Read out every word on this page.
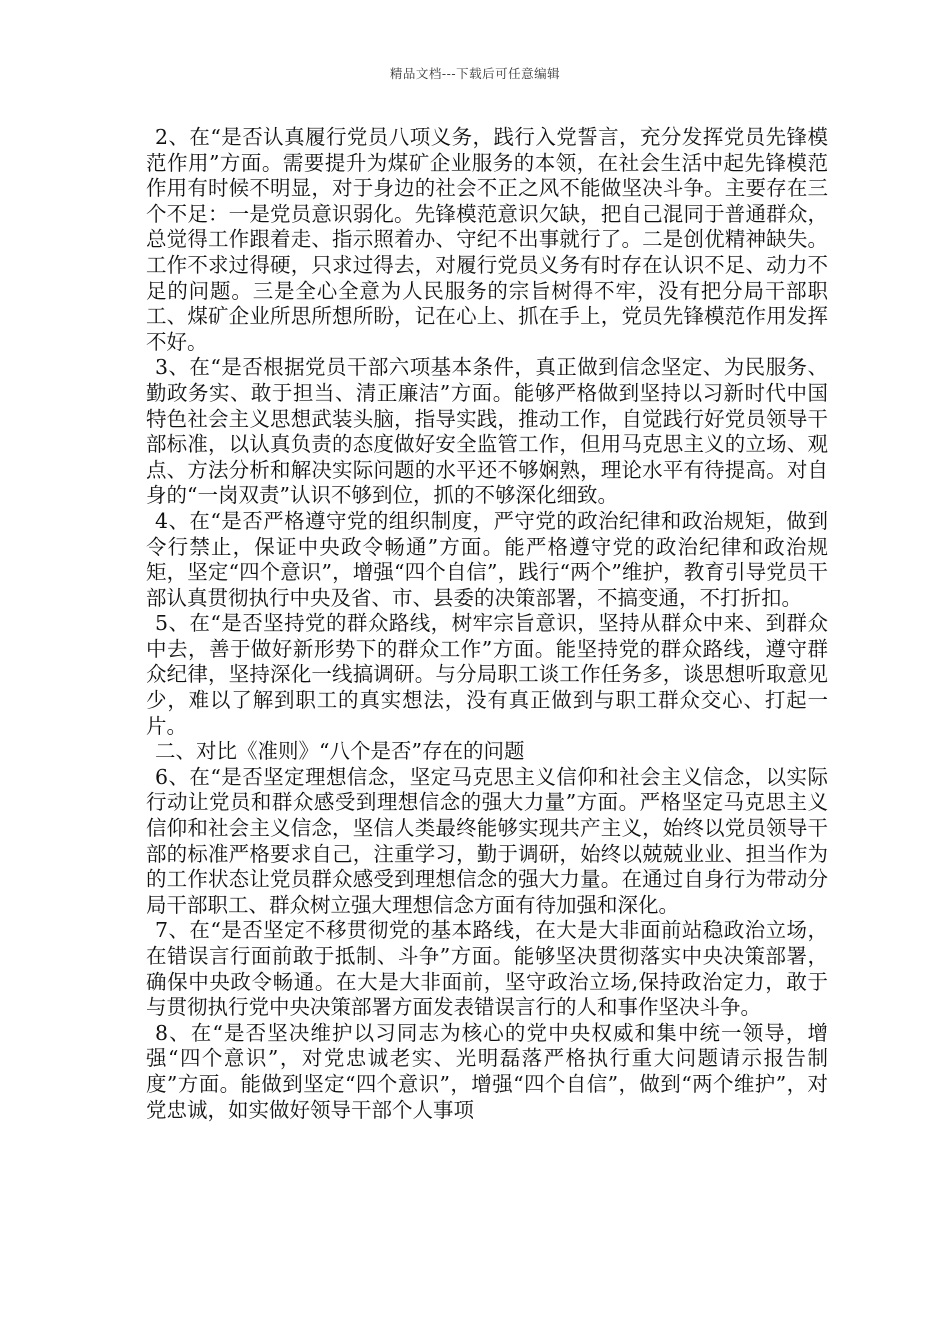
精品文档---下载后可任意编辑

2、在“是否认真履行党员八项义务，践行入党誓言，充分发挥党员先锋模范作用”方面。需要提升为煤矿企业服务的本领，在社会生活中起先锋模范作用有时候不明显，对于身边的社会不正之风不能做坚决斗争。主要存在三个不足：一是党员意识弱化。先锋模范意识欠缺，把自己混同于普通群众，总觉得工作跟着走、指示照着办、守纪不出事就行了。二是创优精神缺失。工作不求过得硬，只求过得去，对履行党员义务有时存在认识不足、动力不足的问题。三是全心全意为人民服务的宗旨树得不牢，没有把分局干部职工、煤矿企业所思所想所盼，记在心上、抓在手上，党员先锋模范作用发挥不好。

3、在“是否根据党员干部六项基本条件，真正做到信念坚定、为民服务、勤政务实、敢于担当、清正廉洁”方面。能够严格做到坚持以习新时代中国特色社会主义思想武装头脑，指导实践，推动工作，自觉践行好党员领导干部标准，以认真负责的态度做好安全监管工作，但用马克思主义的立场、观点、方法分析和解决实际问题的水平还不够娴熟，理论水平有待提高。对自身的“一岗双责”认识不够到位，抓的不够深化细致。

4、在“是否严格遵守党的组织制度，严守党的政治纪律和政治规矩，做到令行禁止，保证中央政令畅通”方面。能严格遵守党的政治纪律和政治规矩，坚定“四个意识”，增强“四个自信”，践行“两个”维护，教育引导党员干部认真贯彻执行中央及省、市、县委的决策部署，不搞变通，不打折扣。

5、在“是否坚持党的群众路线，树牢宗旨意识，坚持从群众中来、到群众中去，善于做好新形势下的群众工作”方面。能坚持党的群众路线，遵守群众纪律，坚持深化一线搞调研。与分局职工谈工作任务多，谈思想听取意见少，难以了解到职工的真实想法，没有真正做到与职工群众交心、打起一片。

二、对比《准则》“八个是否”存在的问题

6、在“是否坚定理想信念，坚定马克思主义信仰和社会主义信念，以实际行动让党员和群众感受到理想信念的强大力量”方面。严格坚定马克思主义信仰和社会主义信念，坚信人类最终能够实现共产主义，始终以党员领导干部的标准严格要求自己，注重学习，勤于调研，始终以兢兢业业、担当作为的工作状态让党员群众感受到理想信念的强大力量。在通过自身行为带动分局干部职工、群众树立强大理想信念方面有待加强和深化。

7、在“是否坚定不移贯彻党的基本路线，在大是大非面前站稳政治立场，在错误言行面前敢于抵制、斗争”方面。能够坚决贯彻落实中央决策部署，确保中央政令畅通。在大是大非面前，坚守政治立场,保持政治定力，敢于与贯彻执行党中央决策部署方面发表错误言行的人和事作坚决斗争。

8、在“是否坚决维护以习同志为核心的党中央权威和集中统一领导，增强“四个意识”，对党忠诚老实、光明磊落严格执行重大问题请示报告制度”方面。能做到坚定“四个意识”，增强“四个自信”，做到“两个维护”，对党忠诚，如实做好领导干部个人事项
